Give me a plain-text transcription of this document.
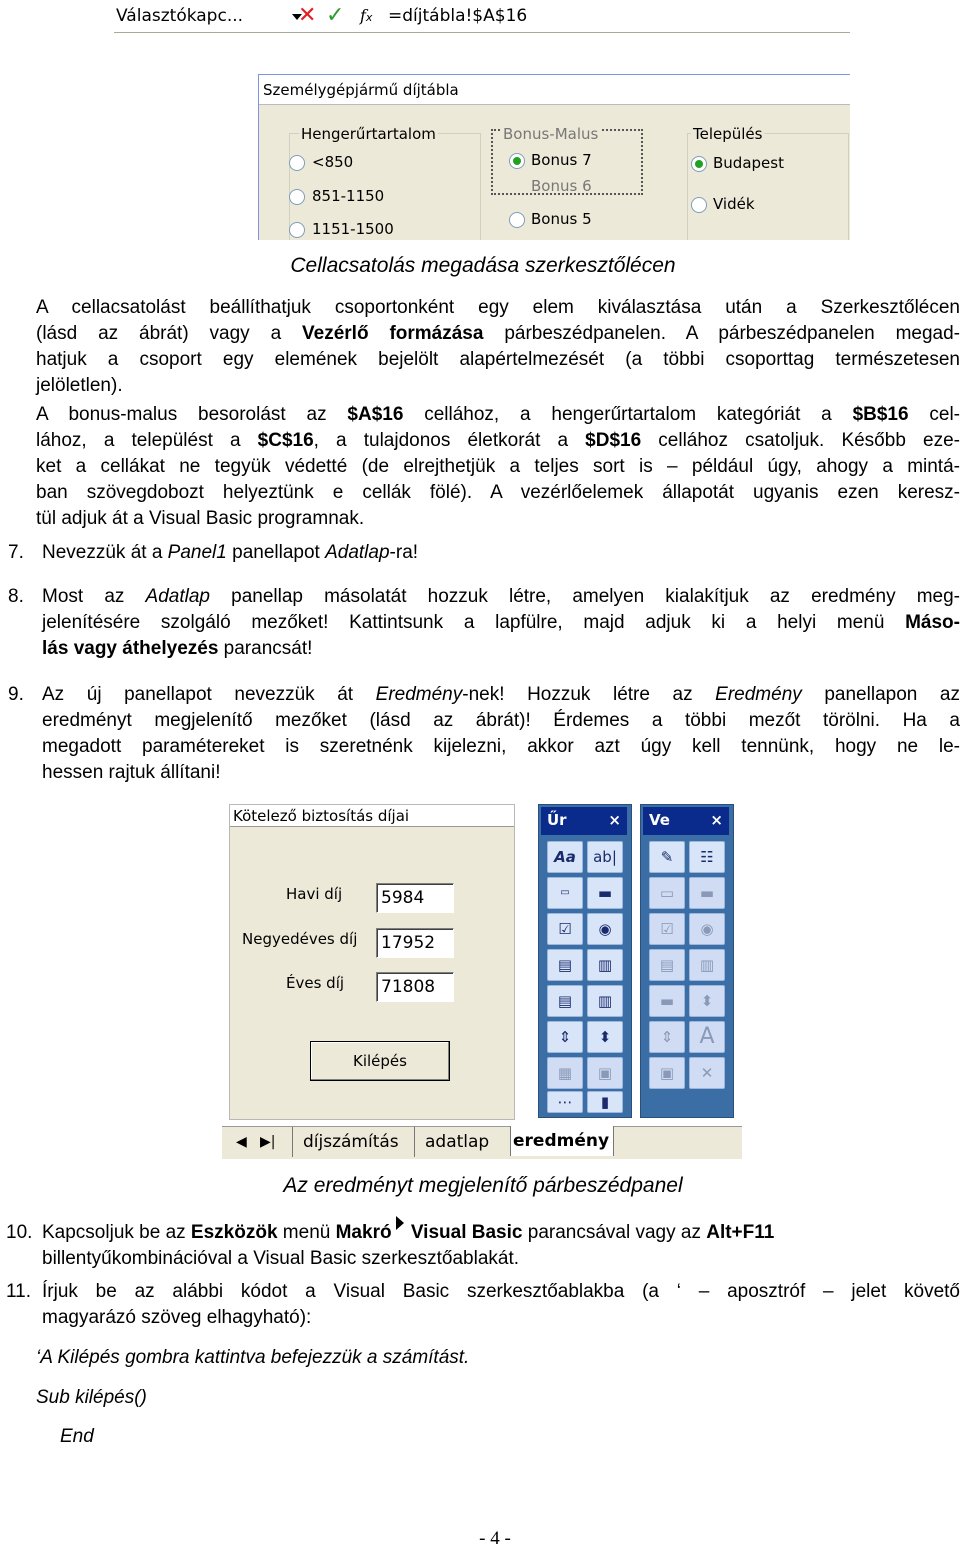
Választókapc...	✕ ✓ fx =díjtábla!$A$16
Személygépjármű díjtábla
Hengerűrtartalom
<850
851-1150
1151-1500
Bonus-Malus
Bonus 7
Bonus 6
Bonus 5
Település
Budapest
Vidék
Cellacsatolás megadása szerkesztőlécen
A cellacsatolást beállíthatjuk csoportonként egy elem kiválasztása után a Szerkesztőlécen
(lásd az ábrát) vagy a Vezérlő formázása párbeszédpanelen. A párbeszédpanelen megad-
hatjuk a csoport egy elemének bejelölt alapértelmezését (a többi csoporttag természetesen
jelöletlen).
A bonus-malus besorolást az $A$16 cellához, a hengerűrtartalom kategóriát a $B$16 cel-
lához, a települést a $C$16, a tulajdonos életkorát a $D$16 cellához csatoljuk. Később eze-
ket a cellákat ne tegyük védetté (de elrejthetjük a teljes sort is – például úgy, ahogy a mintá-
ban szövegdobozt helyeztünk e cellák fölé). A vezérlőelemek állapotát ugyanis ezen keresz-
tül adjuk át a Visual Basic programnak.
7. Nevezzük át a Panel1 panellapot Adatlap-ra!
8. Most az Adatlap panellap másolatát hozzuk létre, amelyen kialakítjuk az eredmény meg-
jelenítésére szolgáló mezőket! Kattintsunk a lapfülre, majd adjuk ki a helyi menü Máso-
lás vagy áthelyezés parancsát!
9. Az új panellapot nevezzük át Eredmény-nek! Hozzuk létre az Eredmény panellapon az
eredményt megjelenítő mezőket (lásd az ábrát)! Érdemes a többi mezőt törölni. Ha a
megadott paramétereket is szeretnénk kijelezni, akkor azt úgy kell tennünk, hogy ne le-
hessen rajtuk állítani!
Kötelező biztosítás díjai
Havi díj 5984
Negyedéves díj 17952
Éves díj 71808
Kilépés
◀ ▶|	díjszámítás	adatlap	eredmény
Űr	×
Aa	ab|
▭	▬
☑	◉
▤	▥
▤	▥
⇕	⬍
▦	▣
⋯	▮
Ve	×
✎	☷
▭	▬
☑	◉
▤	▥
▬	⬍
⇕	A
▣	✕
Az eredményt megjelenítő párbeszédpanel
10. Kapcsoljuk be az Eszközök menü Makró
Visual Basic parancsával vagy az Alt+F11
billentyűkombinációval a Visual Basic szerkesztőablakát.
11. Írjuk be az alábbi kódot a Visual Basic szerkesztőablakba (a ‘ – aposztróf – jelet követő
magyarázó szöveg elhagyható):
‘A Kilépés gombra kattintva befejezzük a számítást.
Sub kilépés()
End
- 4 -
